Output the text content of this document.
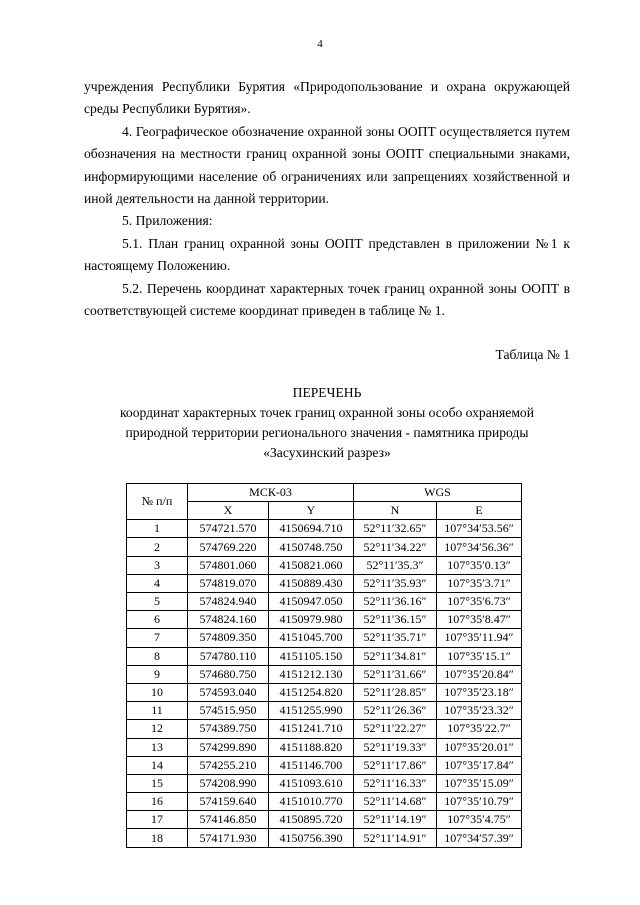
4

учреждения Республики Бурятия «Природопользование и охрана окружающей среды Республики Бурятия».

4. Географическое обозначение охранной зоны ООПТ осуществляется путем обозначения на местности границ охранной зоны ООПТ специальными знаками, информирующими население об ограничениях или запрещениях хозяйственной и иной деятельности на данной территории.

5. Приложения:

5.1. План границ охранной зоны ООПТ представлен в приложении №1 к настоящему Положению.

5.2. Перечень координат характерных точек границ охранной зоны ООПТ в соответствующей системе координат приведен в таблице № 1.

Таблица № 1

ПЕРЕЧЕНЬ

координат характерных точек границ охранной зоны особо охраняемой

природной территории регионального значения - памятника природы

«Засухинский разрез»

№ п/п	МСК-03		WGS	
	X	Y	N	E
1	574721.570	4150694.710	52°11′32.65″	107°34′53.56″
2	574769.220	4150748.750	52°11′34.22″	107°34′56.36″
3	574801.060	4150821.060	52°11′35.3″	107°35′0.13″
4	574819.070	4150889.430	52°11′35.93″	107°35′3.71″
5	574824.940	4150947.050	52°11′36.16″	107°35′6.73″
6	574824.160	4150979.980	52°11′36.15″	107°35′8.47″
7	574809.350	4151045.700	52°11′35.71″	107°35′11.94″
8	574780.110	4151105.150	52°11′34.81″	107°35′15.1″
9	574680.750	4151212.130	52°11′31.66″	107°35′20.84″
10	574593.040	4151254.820	52°11′28.85″	107°35′23.18″
11	574515.950	4151255.990	52°11′26.36″	107°35′23.32″
12	574389.750	4151241.710	52°11′22.27″	107°35′22.7″
13	574299.890	4151188.820	52°11′19.33″	107°35′20.01″
14	574255.210	4151146.700	52°11′17.86″	107°35′17.84″
15	574208.990	4151093.610	52°11′16.33″	107°35′15.09″
16	574159.640	4151010.770	52°11′14.68″	107°35′10.79″
17	574146.850	4150895.720	52°11′14.19″	107°35′4.75″
18	574171.930	4150756.390	52°11′14.91″	107°34′57.39″
